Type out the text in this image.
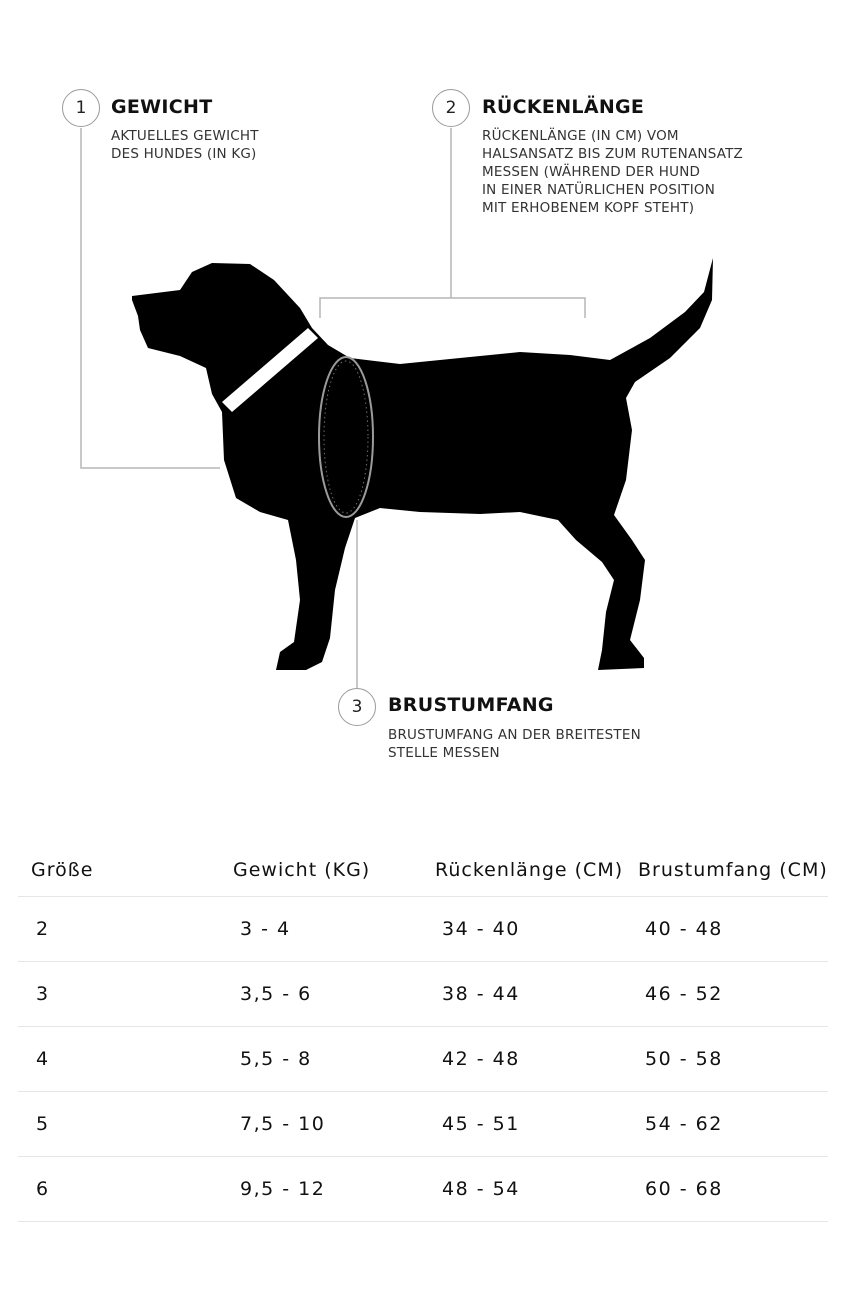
1	GEWICHT
AKTUELLES GEWICHT
DES HUNDES (IN KG)
2	RÜCKENLÄNGE
RÜCKENLÄNGE (IN CM) VOM
HALSANSATZ BIS ZUM RUTENANSATZ
MESSEN (WÄHREND DER HUND
IN EINER NATÜRLICHEN POSITION
MIT ERHOBENEM KOPF STEHT)
3	BRUSTUMFANG
BRUSTUMFANG AN DER BREITESTEN
STELLE MESSEN
Größe	Gewicht (KG)	Rückenlänge (CM)	Brustumfang (CM)
2	3 - 4	34 - 40	40 - 48
3	3,5 - 6	38 - 44	46 - 52
4	5,5 - 8	42 - 48	50 - 58
5	7,5 - 10	45 - 51	54 - 62
6	9,5 - 12	48 - 54	60 - 68
